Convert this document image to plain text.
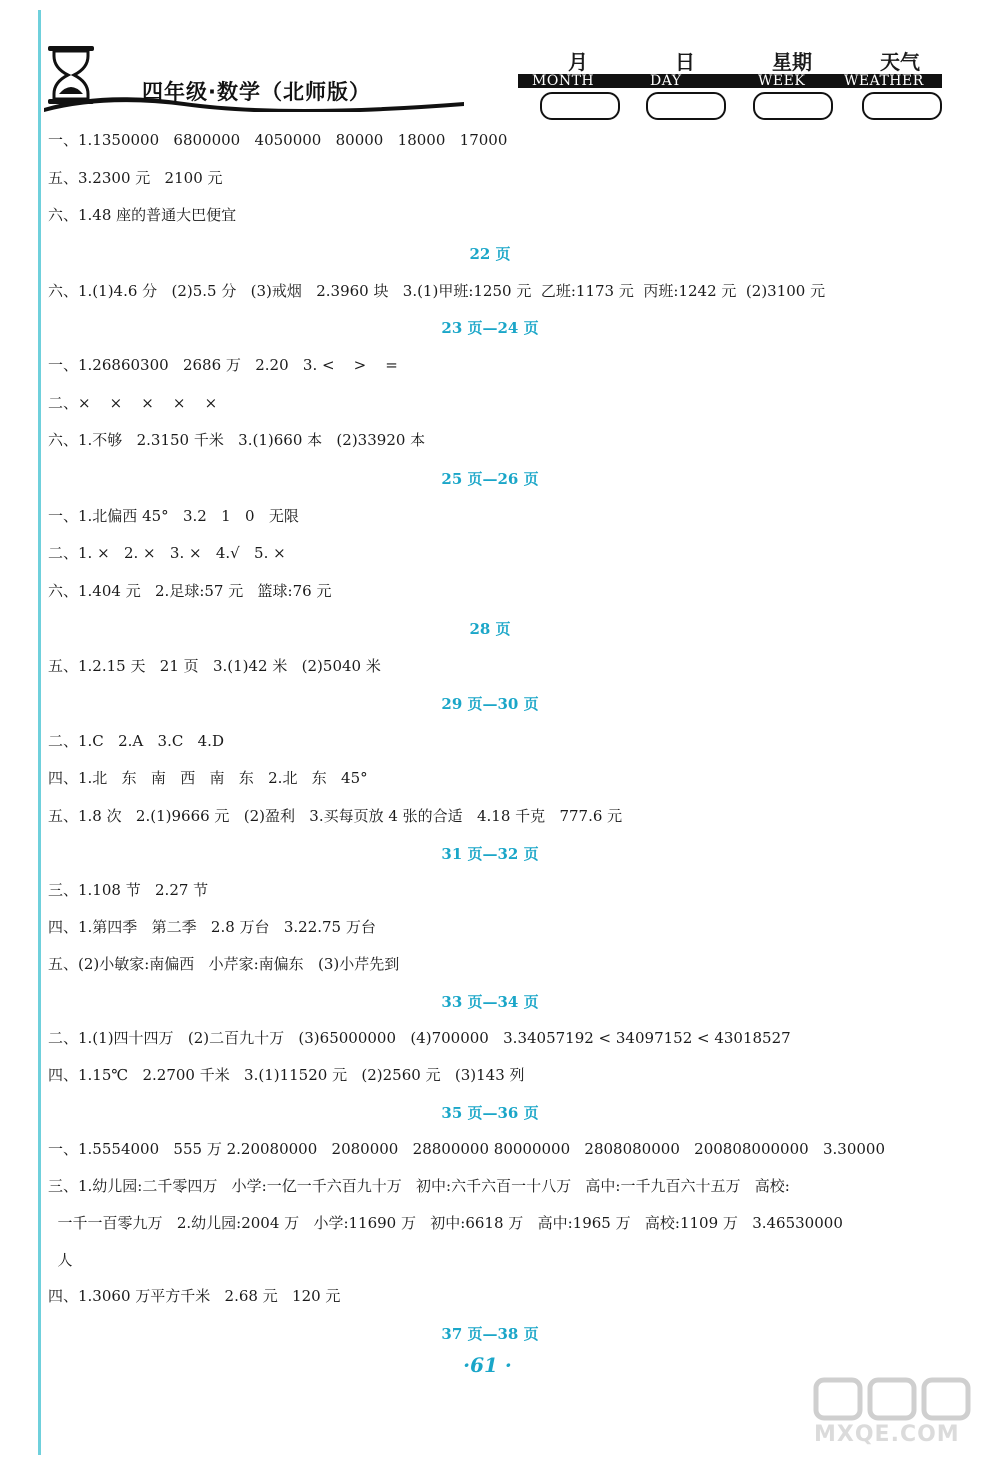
四年级·数学（北师版）
月	日	星期	天气
MONTH	DAY	WEEK	WEATHER
一、1.1350000   6800000   4050000   80000   18000   17000
五、3.2300 元   2100 元
六、1.48 座的普通大巴便宜
22 页
六、1.(1)4.6 分   (2)5.5 分   (3)戒烟   2.3960 块   3.(1)甲班:1250 元  乙班:1173 元  丙班:1242 元  (2)3100 元
23 页—24 页
一、1.26860300   2686 万   2.20   3. <    >    =
二、×    ×    ×    ×    ×
六、1.不够   2.3150 千米   3.(1)660 本   (2)33920 本
25 页—26 页
一、1.北偏西 45°   3.2   1   0   无限
二、1. ×   2. ×   3. ×   4.√   5. ×
六、1.404 元   2.足球:57 元   篮球:76 元
28 页
五、1.2.15 天   21 页   3.(1)42 米   (2)5040 米
29 页—30 页
二、1.C   2.A   3.C   4.D
四、1.北   东   南   西   南   东   2.北   东   45°
五、1.8 次   2.(1)9666 元   (2)盈利   3.买每页放 4 张的合适   4.18 千克   777.6 元
31 页—32 页
三、1.108 节   2.27 节
四、1.第四季   第二季   2.8 万台   3.22.75 万台
五、(2)小敏家:南偏西   小芹家:南偏东   (3)小芹先到
33 页—34 页
二、1.(1)四十四万   (2)二百九十万   (3)65000000   (4)700000   3.34057192 < 34097152 < 43018527
四、1.15℃   2.2700 千米   3.(1)11520 元   (2)2560 元   (3)143 列
35 页—36 页
一、1.5554000   555 万 2.20080000   2080000   28800000 80000000   2808080000   200808000000   3.30000
三、1.幼儿园:二千零四万   小学:一亿一千六百九十万   初中:六千六百一十八万   高中:一千九百六十五万   高校:
一千一百零九万   2.幼儿园:2004 万   小学:11690 万   初中:6618 万   高中:1965 万   高校:1109 万   3.46530000
人
四、1.3060 万平方千米   2.68 元   120 元
37 页—38 页
·61 ·
MXQE.COM
